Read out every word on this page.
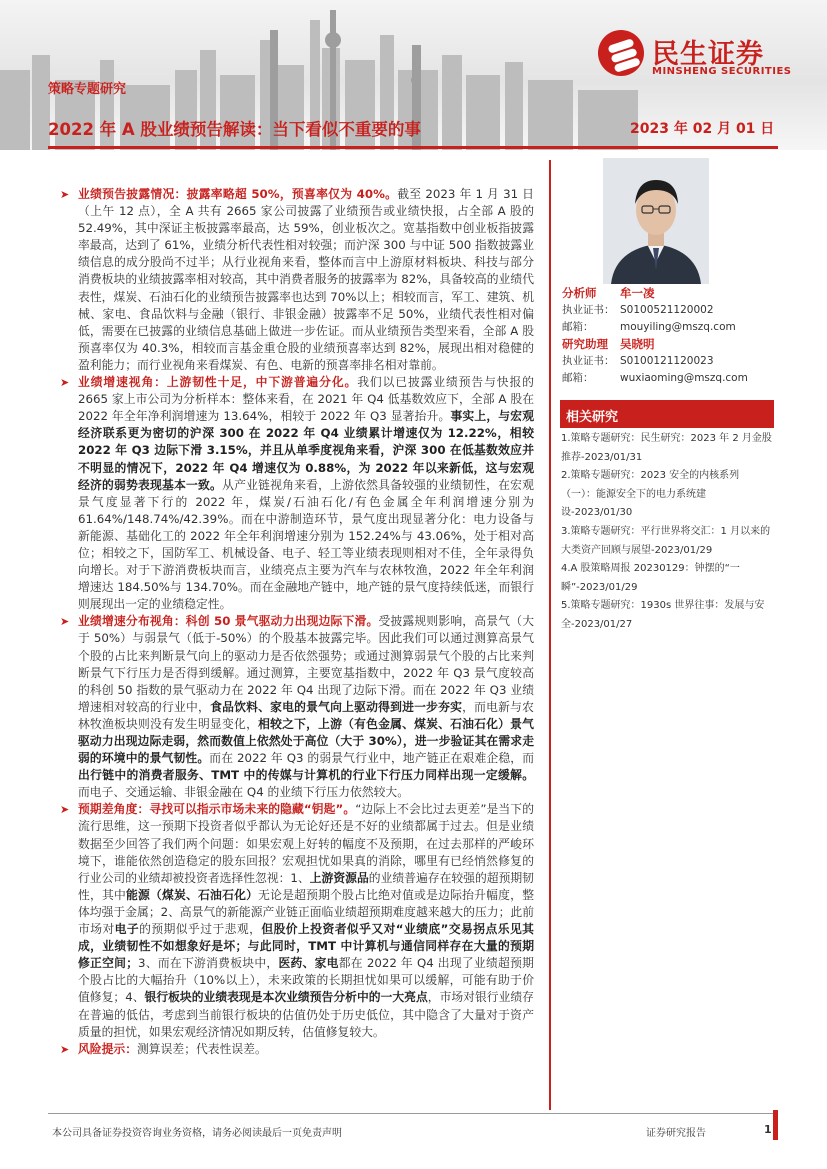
民生证券
MINSHENG SECURITIES
策略专题研究
2022 年 A 股业绩预告解读：当下看似不重要的事	2023 年 02 月 01 日
➤ 业绩预告披露情况：披露率略超 50%，预喜率仅为 40%。截至 2023 年 1 月 31 日（上午 12 点），全 A 共有 2665 家公司披露了业绩预告或业绩快报，占全部 A 股的 52.49%，其中深证主板披露率最高，达 59%，创业板次之。宽基指数中创业板指披露率最高，达到了 61%，业绩分析代表性相对较强；而沪深 300 与中证 500 指数披露业绩信息的成分股尚不过半；从行业视角来看，整体而言中上游原材料板块、科技与部分消费板块的业绩披露率相对较高，其中消费者服务的披露率为 82%，具备较高的业绩代表性，煤炭、石油石化的业绩预告披露率也达到 70%以上；相较而言，军工、建筑、机械、家电、食品饮料与金融（银行、非银金融）披露率不足 50%，业绩代表性相对偏低，需要在已披露的业绩信息基础上做进一步佐证。而从业绩预告类型来看，全部 A 股预喜率仅为 40.3%，相较而言基金重仓股的业绩预喜率达到 82%，展现出相对稳健的盈利能力；而行业视角来看煤炭、有色、电新的预喜率排名相对靠前。
➤ 业绩增速视角：上游韧性十足，中下游普遍分化。我们以已披露业绩预告与快报的 2665 家上市公司为分析样本：整体来看，在 2021 年 Q4 低基数效应下，全部 A 股在 2022 年全年净利润增速为 13.64%，相较于 2022 年 Q3 显著抬升。事实上，与宏观经济联系更为密切的沪深 300 在 2022 年 Q4 业绩累计增速仅为 12.22%，相较 2022 年 Q3 边际下滑 3.15%，并且从单季度视角来看，沪深 300 在低基数效应并不明显的情况下，2022 年 Q4 增速仅为 0.88%，为 2022 年以来新低，这与宏观经济的弱势表现基本一致。从产业链视角来看，上游依然具备较强的业绩韧性，在宏观景气度显著下行的 2022 年，煤炭/石油石化/有色金属全年利润增速分别为 61.64%/148.74%/42.39%。而在中游制造环节，景气度出现显著分化：电力设备与新能源、基础化工的 2022 年全年利润增速分别为 152.24%与 43.06%，处于相对高位；相较之下，国防军工、机械设备、电子、轻工等业绩表现则相对不佳，全年录得负向增长。对于下游消费板块而言，业绩亮点主要为汽车与农林牧渔，2022 年全年利润增速达 184.50%与 134.70%。而在金融地产链中，地产链的景气度持续低迷，而银行则展现出一定的业绩稳定性。
➤ 业绩增速分布视角：科创 50 景气驱动力出现边际下滑。受披露规则影响，高景气（大于 50%）与弱景气（低于-50%）的个股基本披露完毕。因此我们可以通过测算高景气个股的占比来判断景气向上的驱动力是否依然强势；或通过测算弱景气个股的占比来判断景气下行压力是否得到缓解。通过测算，主要宽基指数中，2022 年 Q3 景气度较高的科创 50 指数的景气驱动力在 2022 年 Q4 出现了边际下滑。而在 2022 年 Q3 业绩增速相对较高的行业中，食品饮料、家电的景气向上驱动得到进一步夯实，而电新与农林牧渔板块则没有发生明显变化，相较之下，上游（有色金属、煤炭、石油石化）景气驱动力出现边际走弱，然而数值上依然处于高位（大于 30%），进一步验证其在需求走弱的环境中的景气韧性。而在 2022 年 Q3 的弱景气行业中，地产链正在艰难企稳，而出行链中的消费者服务、TMT 中的传媒与计算机的行业下行压力同样出现一定缓解。而电子、交通运输、非银金融在 Q4 的业绩下行压力依然较大。
➤ 预期差角度：寻找可以指示市场未来的隐藏“钥匙”。“边际上不会比过去更差”是当下的流行思维，这一预期下投资者似乎都认为无论好还是不好的业绩都属于过去。但是业绩数据至少回答了我们两个问题：如果宏观上好转的幅度不及预期，在过去那样的严峻环境下，谁能依然创造稳定的股东回报？宏观担忧如果真的消除，哪里有已经悄然修复的行业公司的业绩却被投资者选择性忽视：1、上游资源品的业绩普遍存在较强的超预期韧性，其中能源（煤炭、石油石化）无论是超预期个股占比绝对值或是边际抬升幅度，整体均强于金属；2、高景气的新能源产业链正面临业绩超预期难度越来越大的压力；此前市场对电子的预期似乎过于悲观，但股价上投资者似乎又对“业绩底”交易拐点乐见其成，业绩韧性不如想象好是坏；与此同时，TMT 中计算机与通信同样存在大量的预期修正空间；3、而在下游消费板块中，医药、家电都在 2022 年 Q4 出现了业绩超预期个股占比的大幅抬升（10%以上），未来政策的长期担忧如果可以缓解，可能有助于价值修复；4、银行板块的业绩表现是本次业绩预告分析中的一大亮点，市场对银行业绩存在普遍的低估，考虑到当前银行板块的估值仍处于历史低位，其中隐含了大量对于资产质量的担忧，如果宏观经济情况如期反转，估值修复较大。
➤ 风险提示：测算误差；代表性误差。
分析师 牟一凌
执业证书： S0100521120002
邮箱：	mouyiling@mszq.com
研究助理 吴晓明
执业证书： S0100121120023
邮箱：	wuxiaoming@mszq.com
相关研究
1.策略专题研究：民生研究：2023 年 2 月金股推荐-2023/01/31
2.策略专题研究：2023 安全的内核系列（一）：能源安全下的电力系统建设-2023/01/30
3.策略专题研究：平行世界将交汇：1 月以来的大类资产回顾与展望-2023/01/29
4.A 股策略周报 20230129：钟摆的“一瞬”-2023/01/29
5.策略专题研究：1930s 世界往事：发展与安全-2023/01/27
本公司具备证券投资咨询业务资格，请务必阅读最后一页免责声明	证券研究报告	1
